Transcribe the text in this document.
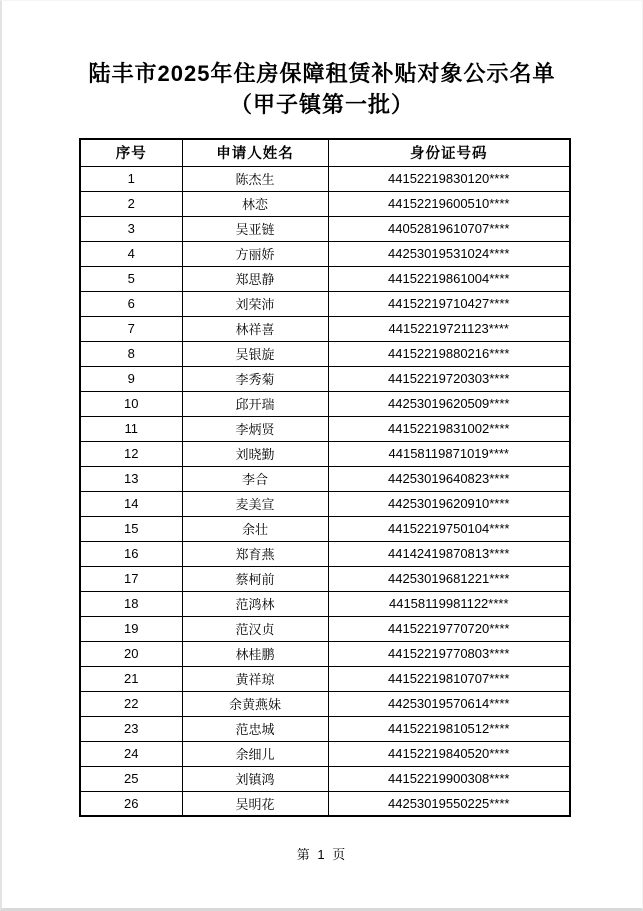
陆丰市2025年住房保障租赁补贴对象公示名单
（甲子镇第一批）
序号	申请人姓名	身份证号码
1	陈杰生	44152219830120****
2	林恋	44152219600510****
3	吴亚链	44052819610707****
4	方丽娇	44253019531024****
5	郑思静	44152219861004****
6	刘荣沛	44152219710427****
7	林祥喜	44152219721123****
8	吴银旋	44152219880216****
9	李秀菊	44152219720303****
10	邱开瑞	44253019620509****
11	李炳贤	44152219831002****
12	刘晓勤	44158119871019****
13	李合	44253019640823****
14	麦美宣	44253019620910****
15	余壮	44152219750104****
16	郑育燕	44142419870813****
17	蔡柯前	44253019681221****
18	范鸿林	44158119981122****
19	范汉贞	44152219770720****
20	林桂鹏	44152219770803****
21	黄祥琼	44152219810707****
22	余黄燕妹	44253019570614****
23	范忠城	44152219810512****
24	余细儿	44152219840520****
25	刘镇鸿	44152219900308****
26	吴明花	44253019550225****
第 1 页
